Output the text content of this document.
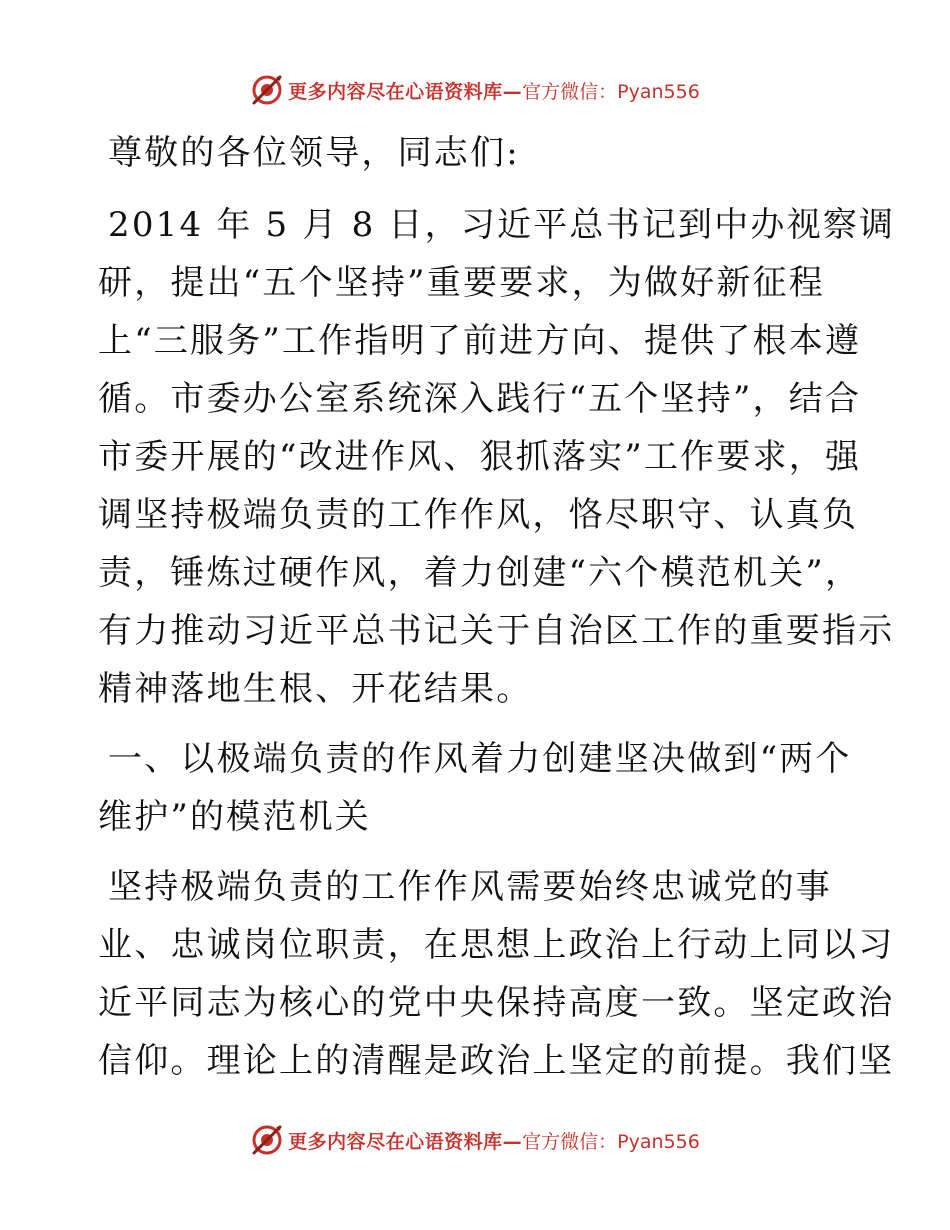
更多内容尽在心语资料库— 官方微信：Pyan556
尊敬的各位领导，同志们:
2014 年 5 月 8 日，习近平总书记到中办视察调
研，提出“五个坚持”重要要求，为做好新征程
上“三服务”工作指明了前进方向、提供了根本遵
循。市委办公室系统深入践行“五个坚持”，结合
市委开展的“改进作风、狠抓落实”工作要求，强
调坚持极端负责的工作作风，恪尽职守、认真负
责，锤炼过硬作风，着力创建“六个模范机关”，
有力推动习近平总书记关于自治区工作的重要指示
精神落地生根、开花结果。
一、以极端负责的作风着力创建坚决做到“两个
维护”的模范机关
坚持极端负责的工作作风需要始终忠诚党的事
业、忠诚岗位职责，在思想上政治上行动上同以习
近平同志为核心的党中央保持高度一致。坚定政治
信仰。理论上的清醒是政治上坚定的前提。我们坚
更多内容尽在心语资料库— 官方微信：Pyan556
